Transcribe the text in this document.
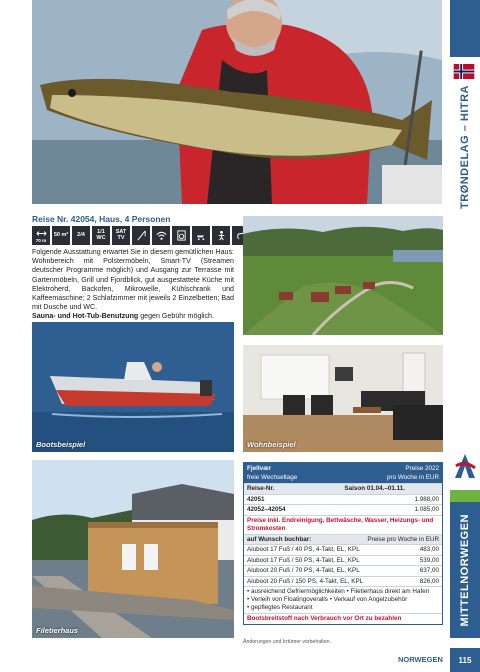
TRØNDELAG – HITRA
MITTELNORWEGEN
Reise Nr. 42054, Haus, 4 Personen
70 m
50 m² 2/4	1/1 WC
SAT TV

Folgende Ausstattung erwartet Sie in diesem gemütlichen Haus: Wohnbereich mit Polstermöbeln, Smart-TV (Streamen deutscher Programme möglich) und Ausgang zur Terrasse mit Gartenmöbeln, Grill und Fjordblick, gut ausgestattete Küche mit Elektroherd, Backofen, Mikrowelle, Kühlschrank und Kaffeemaschine; 2 Schlafzimmer mit jeweils 2 Einzelbetten; Bad mit Dusche und WC.

Sauna- und Hot-Tub-Benutzung gegen Gebühr möglich.

Bootsbeispiel	Wohnbeispiel
Filetierhaus
Fjellvær
freie Wechseltage
Preise 2022
pro Woche in EUR
Reise-Nr.	Saison 01.04.–01.11.
42051	1.988,00
42052–42054	1.085,00
Preise inkl. Endreinigung, Bettwäsche, Wasser, Heizungs- und Stromkosten
auf Wunsch buchbar:	Preise pro Woche in EUR
Aluboot 17 Fuß / 40 PS, 4-Takt, EL, KPL	483,00
Aluboot 17 Fuß / 50 PS, 4-Takt, EL, KPL	539,00
Aluboot 20 Fuß / 70 PS, 4-Takt, EL, KPL	637,00
Aluboot 20 Fuß / 150 PS, 4-Takt, EL, KPL	826,00
• ausreichend Gefriermöglichkeiten • Filetierhaus direkt am Hafen
• Verleih von Floatingoveralls • Verkauf von Angelzubehör
• gepflegtes Restaurant
Bootsbreitstoff nach Verbrauch vor Ort zu bezahlen
Änderungen und Irrtümer vorbehalten.
NORWEGEN	115
